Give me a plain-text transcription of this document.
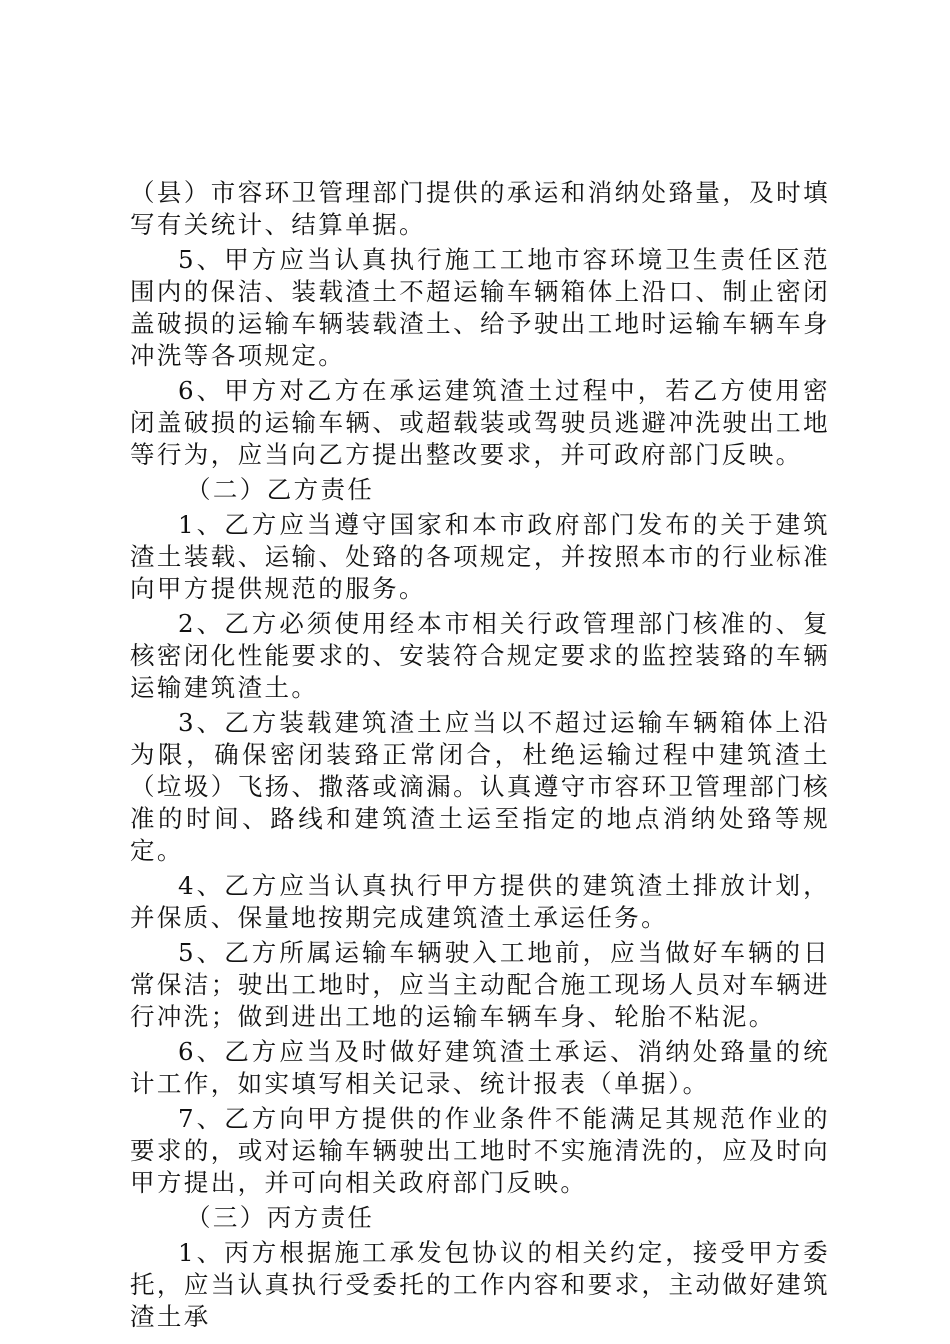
（县）市容环卫管理部门提供的承运和消纳处臵量，及时填写有关统计、结算单据。

5、甲方应当认真执行施工工地市容环境卫生责任区范围内的保洁、装载渣土不超运输车辆箱体上沿口、制止密闭盖破损的运输车辆装载渣土、给予驶出工地时运输车辆车身冲洗等各项规定。

6、甲方对乙方在承运建筑渣土过程中，若乙方使用密闭盖破损的运输车辆、或超载装或驾驶员逃避冲洗驶出工地等行为，应当向乙方提出整改要求，并可政府部门反映。

（二）乙方责任

1、乙方应当遵守国家和本市政府部门发布的关于建筑渣土装载、运输、处臵的各项规定，并按照本市的行业标准向甲方提供规范的服务。

2、乙方必须使用经本市相关行政管理部门核准的、复核密闭化性能要求的、安装符合规定要求的监控装臵的车辆运输建筑渣土。

3、乙方装载建筑渣土应当以不超过运输车辆箱体上沿为限，确保密闭装臵正常闭合，杜绝运输过程中建筑渣土（垃圾）飞扬、撒落或滴漏。认真遵守市容环卫管理部门核准的时间、路线和建筑渣土运至指定的地点消纳处臵等规定。

4、乙方应当认真执行甲方提供的建筑渣土排放计划，并保质、保量地按期完成建筑渣土承运任务。

5、乙方所属运输车辆驶入工地前，应当做好车辆的日常保洁；驶出工地时，应当主动配合施工现场人员对车辆进行冲洗；做到进出工地的运输车辆车身、轮胎不粘泥。

6、乙方应当及时做好建筑渣土承运、消纳处臵量的统计工作，如实填写相关记录、统计报表（单据）。

7、乙方向甲方提供的作业条件不能满足其规范作业的要求的，或对运输车辆驶出工地时不实施清洗的，应及时向甲方提出，并可向相关政府部门反映。

（三）丙方责任

1、丙方根据施工承发包协议的相关约定，接受甲方委托，应当认真执行受委托的工作内容和要求，主动做好建筑渣土承
